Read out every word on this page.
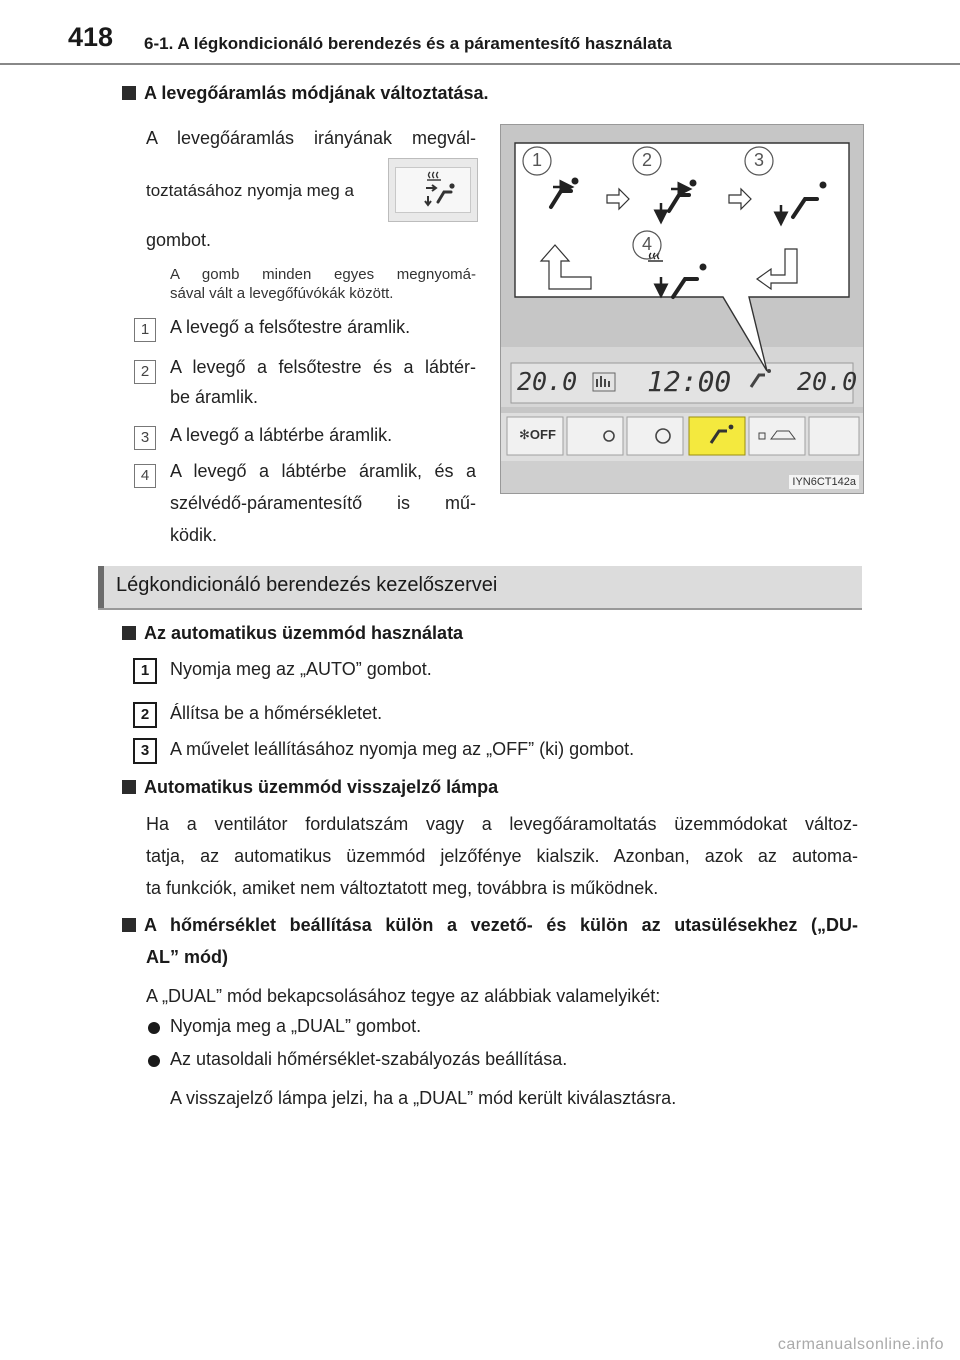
418 6-1. A légkondicionáló berendezés és a páramentesítő használata
A levegőáramlás módjának változtatása.
A levegőáramlás irányának megvál-
toztatásához nyomja meg a
gombot.
A gomb minden egyes megnyomá-
sával vált a levegőfúvókák között.
1	A levegő a felsőtestre áramlik.
2	A levegő a felsőtestre és a lábtér-
be áramlik.
3	A levegő a lábtérbe áramlik.
4	A levegő a lábtérbe áramlik, és a
szélvédő-páramentesítő is mű-
ködik.
1	2	3
4
20.0 12:00	20.0
✻OFF
IYN6CT142a
Légkondicionáló berendezés kezelőszervei
Az automatikus üzemmód használata
1	Nyomja meg az „AUTO” gombot.
2	Állítsa be a hőmérsékletet.
3	A művelet leállításához nyomja meg az „OFF” (ki) gombot.
Automatikus üzemmód visszajelző lámpa
Ha a ventilátor fordulatszám vagy a levegőáramoltatás üzemmódokat változ-
tatja, az automatikus üzemmód jelzőfénye kialszik. Azonban, azok az automa-
ta funkciók, amiket nem változtatott meg, továbbra is működnek.
A hőmérséklet beállítása külön a vezető- és külön az utasülésekhez („DU-
AL” mód)
A „DUAL” mód bekapcsolásához tegye az alábbiak valamelyikét:
Nyomja meg a „DUAL” gombot.
Az utasoldali hőmérséklet-szabályozás beállítása.
A visszajelző lámpa jelzi, ha a „DUAL” mód került kiválasztásra.
carmanualsonline.info
